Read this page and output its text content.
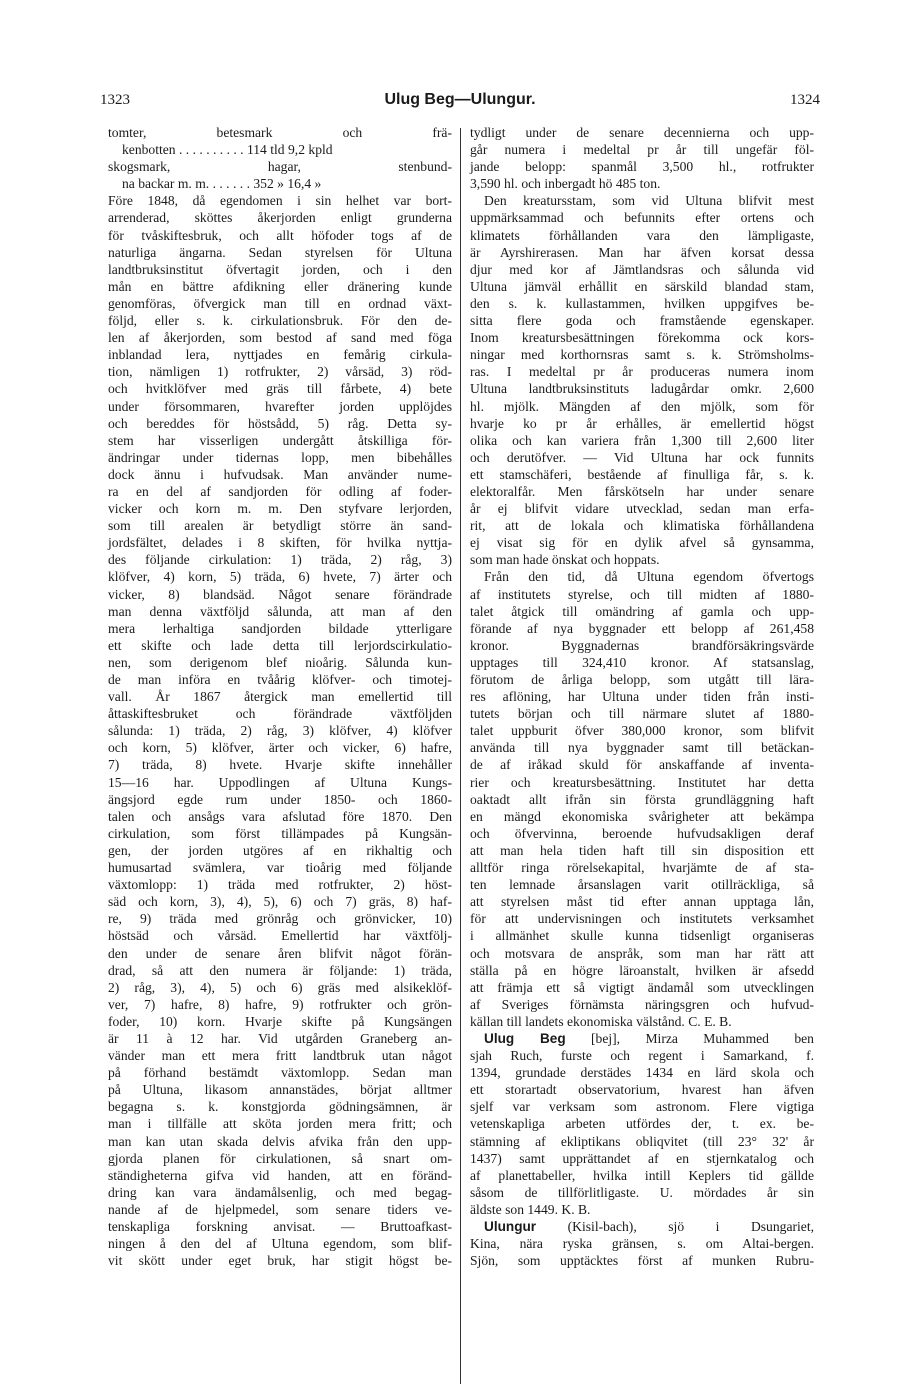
1323	Ulug Beg—Ulungur.	1324
tomter, betesmark och frä-
kenbotten . . . . . . . . . . 114 tld 9,2 kpld
skogsmark, hagar, stenbund-
na backar m. m. . . . . . . 352 » 16,4 »
Före 1848, då egendomen i sin helhet var bort-
arrenderad, sköttes åkerjorden enligt grunderna
för tvåskiftesbruk, och allt höfoder togs af de
naturliga ängarna. Sedan styrelsen för Ultuna
landtbruksinstitut öfvertagit jorden, och i den
mån en bättre afdikning eller dränering kunde
genomföras, öfvergick man till en ordnad växt-
följd, eller s. k. cirkulationsbruk. För den de-
len af åkerjorden, som bestod af sand med föga
inblandad lera, nyttjades en femårig cirkula-
tion, nämligen 1) rotfrukter, 2) vårsäd, 3) röd-
och hvitklöfver med gräs till fårbete, 4) bete
under försommaren, hvarefter jorden upplöjdes
och bereddes för höstsådd, 5) råg. Detta sy-
stem har visserligen undergått åtskilliga för-
ändringar under tidernas lopp, men bibehålles
dock ännu i hufvudsak. Man använder nume-
ra en del af sandjorden för odling af foder-
vicker och korn m. m. Den styfvare lerjorden,
som till arealen är betydligt större än sand-
jordsfältet, delades i 8 skiften, för hvilka nyttja-
des följande cirkulation: 1) träda, 2) råg, 3)
klöfver, 4) korn, 5) träda, 6) hvete, 7) ärter och
vicker, 8) blandsäd. Något senare förändrade
man denna växtföljd sålunda, att man af den
mera lerhaltiga sandjorden bildade ytterligare
ett skifte och lade detta till lerjordscirkulatio-
nen, som derigenom blef nioårig. Sålunda kun-
de man införa en tvåårig klöfver- och timotej-
vall. År 1867 återgick man emellertid till
åttaskiftesbruket och förändrade växtföljden
sålunda: 1) träda, 2) råg, 3) klöfver, 4) klöfver
och korn, 5) klöfver, ärter och vicker, 6) hafre,
7) träda, 8) hvete. Hvarje skifte innehåller
15—16 har. Uppodlingen af Ultuna Kungs-
ängsjord egde rum under 1850- och 1860-
talen och ansågs vara afslutad före 1870. Den
cirkulation, som först tillämpades på Kungsän-
gen, der jorden utgöres af en rikhaltig och
humusartad svämlera, var tioårig med följande
växtomlopp: 1) träda med rotfrukter, 2) höst-
säd och korn, 3), 4), 5), 6) och 7) gräs, 8) haf-
re, 9) träda med grönråg och grönvicker, 10)
höstsäd och vårsäd. Emellertid har växtfölj-
den under de senare åren blifvit något förän-
drad, så att den numera är följande: 1) träda,
2) råg, 3), 4), 5) och 6) gräs med alsikeklöf-
ver, 7) hafre, 8) hafre, 9) rotfrukter och grön-
foder, 10) korn. Hvarje skifte på Kungsängen
är 11 à 12 har. Vid utgården Graneberg an-
vänder man ett mera fritt landtbruk utan något
på förhand bestämdt växtomlopp. Sedan man
på Ultuna, likasom annanstädes, börjat alltmer
begagna s. k. konstgjorda gödningsämnen, är
man i tillfälle att sköta jorden mera fritt; och
man kan utan skada delvis afvika från den upp-
gjorda planen för cirkulationen, så snart om-
ständigheterna gifva vid handen, att en föränd-
dring kan vara ändamålsenlig, och med begag-
nande af de hjelpmedel, som senare tiders ve-
tenskapliga forskning anvisat. — Bruttoafkast-
ningen å den del af Ultuna egendom, som blif-
vit skött under eget bruk, har stigit högst be-
tydligt under de senare decennierna och upp-
går numera i medeltal pr år till ungefär föl-
jande belopp: spanmål 3,500 hl., rotfrukter
3,590 hl. och inbergadt hö 485 ton.
Den kreatursstam, som vid Ultuna blifvit mest
uppmärksammad och befunnits efter ortens och
klimatets förhållanden vara den lämpligaste,
är Ayrshirerasen. Man har äfven korsat dessa
djur med kor af Jämtlandsras och sålunda vid
Ultuna jämväl erhållit en särskild blandad stam,
den s. k. kullastammen, hvilken uppgifves be-
sitta flere goda och framstående egenskaper.
Inom kreatursbesättningen förekomma ock kors-
ningar med korthornsras samt s. k. Strömsholms-
ras. I medeltal pr år produceras numera inom
Ultuna landtbruksinstituts ladugårdar omkr. 2,600
hl. mjölk. Mängden af den mjölk, som för
hvarje ko pr år erhålles, är emellertid högst
olika och kan variera från 1,300 till 2,600 liter
och derutöfver. — Vid Ultuna har ock funnits
ett stamschäferi, bestående af finulliga får, s. k.
elektoralfår. Men fårskötseln har under senare
år ej blifvit vidare utvecklad, sedan man erfa-
rit, att de lokala och klimatiska förhållandena
ej visat sig för en dylik afvel så gynsamma,
som man hade önskat och hoppats.
Från den tid, då Ultuna egendom öfvertogs
af institutets styrelse, och till midten af 1880-
talet åtgick till omändring af gamla och upp-
förande af nya byggnader ett belopp af 261,458
kronor. Byggnadernas brandförsäkringsvärde
upptages till 324,410 kronor. Af statsanslag,
förutom de årliga belopp, som utgått till lära-
res aflöning, har Ultuna under tiden från insti-
tutets början och till närmare slutet af 1880-
talet uppburit öfver 380,000 kronor, som blifvit
använda till nya byggnader samt till betäckan-
de af iråkad skuld för anskaffande af inventa-
rier och kreatursbesättning. Institutet har detta
oaktadt allt ifrån sin första grundläggning haft
en mängd ekonomiska svårigheter att bekämpa
och öfvervinna, beroende hufvudsakligen deraf
att man hela tiden haft till sin disposition ett
alltför ringa rörelsekapital, hvarjämte de af sta-
ten lemnade årsanslagen varit otillräckliga, så
att styrelsen måst tid efter annan upptaga lån,
för att undervisningen och institutets verksamhet
i allmänhet skulle kunna tidsenligt organiseras
och motsvara de anspråk, som man har rätt att
ställa på en högre läroanstalt, hvilken är afsedd
att främja ett så vigtigt ändamål som utvecklingen
af Sveriges förnämsta näringsgren och hufvud-
källan till landets ekonomiska välstånd. C. E. B.
Ulug Beg [bej], Mirza Muhammed ben
sjah Ruch, furste och regent i Samarkand, f.
1394, grundade derstädes 1434 en lärd skola och
ett storartadt observatorium, hvarest han äfven
sjelf var verksam som astronom. Flere vigtiga
vetenskapliga arbeten utfördes der, t. ex. be-
stämning af ekliptikans obliqvitet (till 23° 32' år
1437) samt upprättandet af en stjernkatalog och
af planettabeller, hvilka intill Keplers tid gällde
såsom de tillförlitligaste. U. mördades år sin
äldste son 1449. K. B.
Ulungur (Kisil-bach), sjö i Dsungariet,
Kina, nära ryska gränsen, s. om Altai-bergen.
Sjön, som upptäcktes först af munken Rubru-
